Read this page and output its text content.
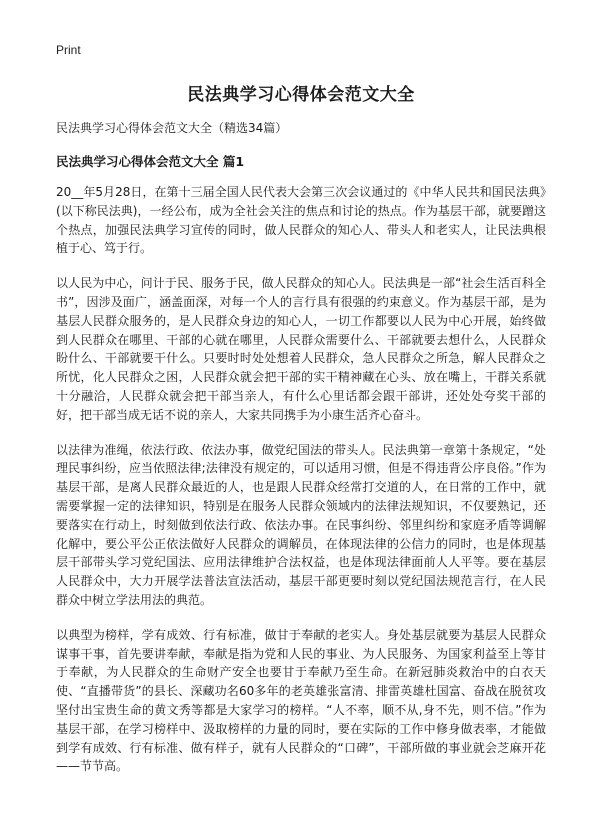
Print
民法典学习心得体会范文大全
民法典学习心得体会范文大全（精选34篇）
民法典学习心得体会范文大全 篇1

20__年5月28日，在第十三届全国人民代表大会第三次会议通过的《中华人民共和国民法典》(以下称民法典)，一经公布，成为全社会关注的焦点和讨论的热点。作为基层干部，就要蹭这个热点，加强民法典学习宣传的同时，做人民群众的知心人、带头人和老实人，让民法典根植于心、笃于行。

以人民为中心，问计于民、服务于民，做人民群众的知心人。民法典是一部“社会生活百科全书”，因涉及面广，涵盖面深，对每一个人的言行具有很强的约束意义。作为基层干部，是为基层人民群众服务的，是人民群众身边的知心人，一切工作都要以人民为中心开展，始终做到人民群众在哪里、干部的心就在哪里，人民群众需要什么、干部就要去想什么，人民群众盼什么、干部就要干什么。只要时时处处想着人民群众，急人民群众之所急，解人民群众之所忧，化人民群众之困，人民群众就会把干部的实干精神藏在心头、放在嘴上，干群关系就十分融洽，人民群众就会把干部当亲人，有什么心里话都会跟干部讲，还处处夸奖干部的好，把干部当成无话不说的亲人，大家共同携手为小康生活齐心奋斗。

以法律为准绳，依法行政、依法办事，做党纪国法的带头人。民法典第一章第十条规定，“处理民事纠纷，应当依照法律;法律没有规定的，可以适用习惯，但是不得违背公序良俗。”作为基层干部，是离人民群众最近的人，也是跟人民群众经常打交道的人，在日常的工作中，就需要掌握一定的法律知识，特别是在服务人民群众领域内的法律法规知识，不仅要熟记，还要落实在行动上，时刻做到依法行政、依法办事。在民事纠纷、邻里纠纷和家庭矛盾等调解化解中，要公平公正依法做好人民群众的调解员，在体现法律的公信力的同时，也是体现基层干部带头学习党纪国法、应用法律维护合法权益，也是体现法律面前人人平等。要在基层人民群众中，大力开展学法普法宣法活动，基层干部更要时刻以党纪国法规范言行，在人民群众中树立学法用法的典范。

以典型为榜样，学有成效、行有标准，做甘于奉献的老实人。身处基层就要为基层人民群众谋事干事，首先要讲奉献，奉献是指为党和人民的事业、为人民服务、为国家利益至上等甘于奉献，为人民群众的生命财产安全也要甘于奉献乃至生命。在新冠肺炎救治中的白衣天使、“直播带货”的县长、深藏功名60多年的老英雄张富清、排雷英雄杜国富、奋战在脱贫攻坚付出宝贵生命的黄文秀等都是大家学习的榜样。“人不率，顺不从,身不先，则不信。”作为基层干部，在学习榜样中、汲取榜样的力量的同时，要在实际的工作中修身做表率，才能做到学有成效、行有标准、做有样子，就有人民群众的“口碑”，干部所做的事业就会芝麻开花——节节高。
